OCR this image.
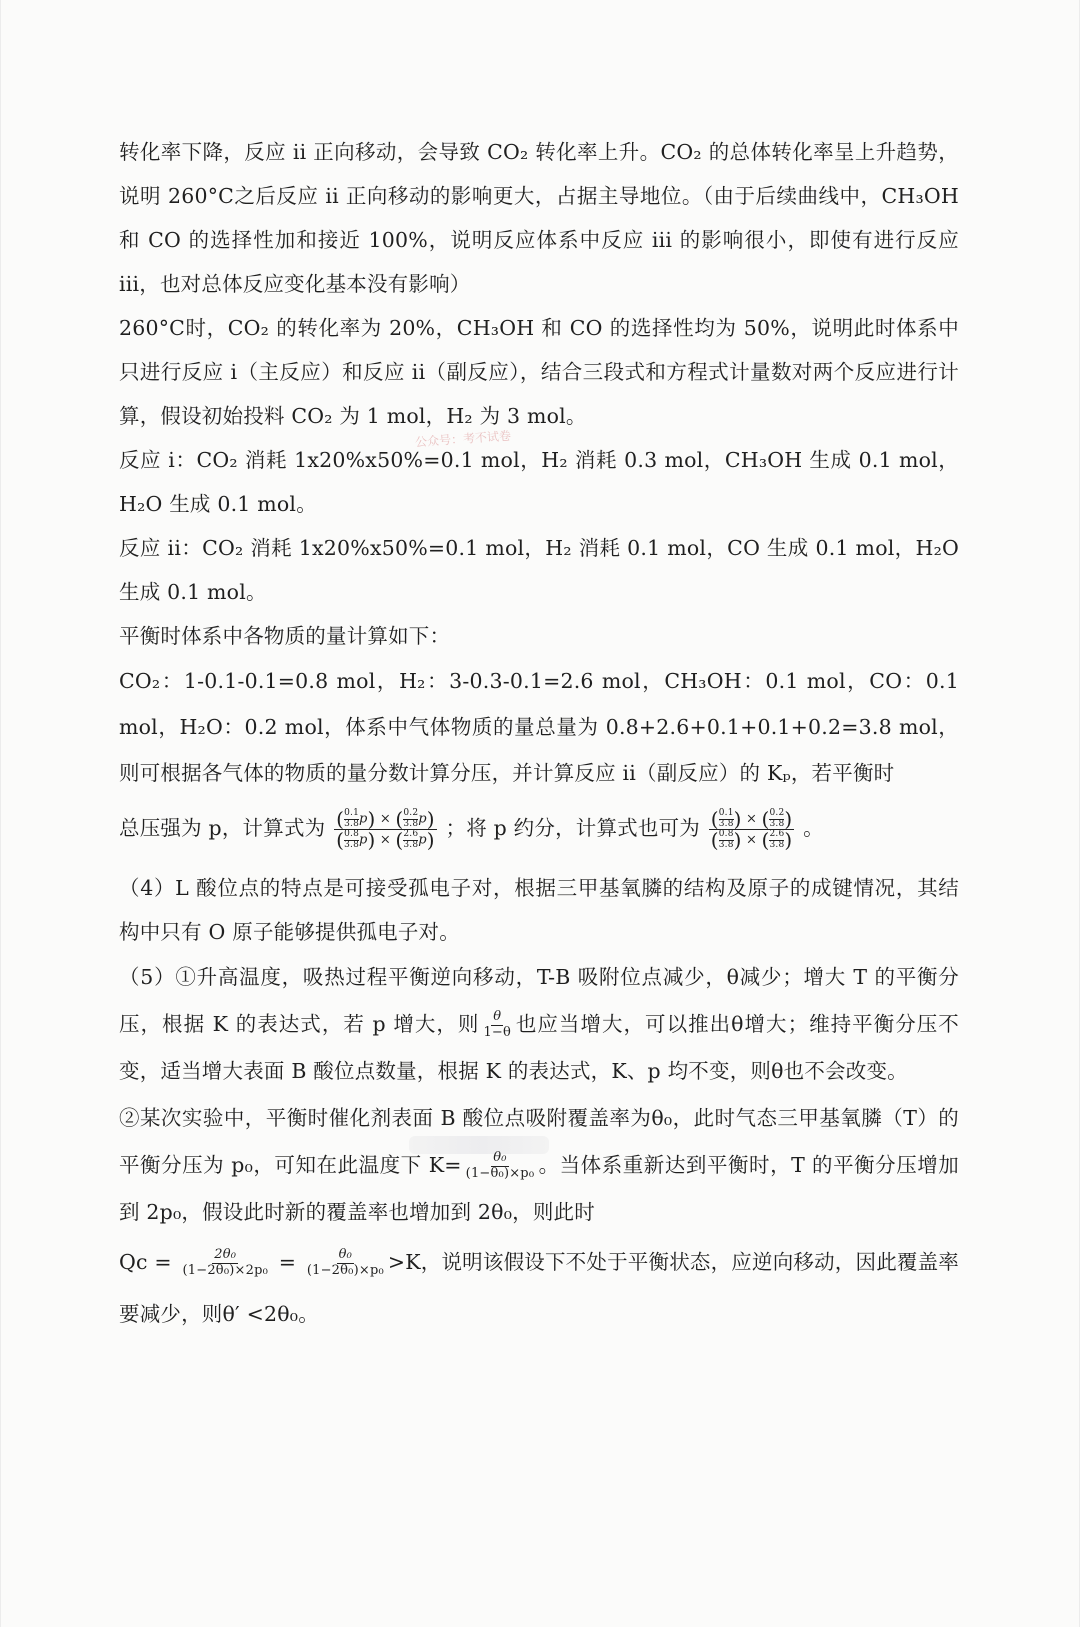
公众号：考不试卷

转化率下降，反应 ii 正向移动，会导致 CO₂ 转化率上升。CO₂ 的总体转化率呈上升趋势，说明 260°C之后反应 ii 正向移动的影响更大，占据主导地位。（由于后续曲线中，CH₃OH 和 CO 的选择性加和接近 100%，说明反应体系中反应 iii 的影响很小，即使有进行反应 iii，也对总体反应变化基本没有影响）

260°C时，CO₂ 的转化率为 20%，CH₃OH 和 CO 的选择性均为 50%，说明此时体系中只进行反应 i（主反应）和反应 ii（副反应），结合三段式和方程式计量数对两个反应进行计算，假设初始投料 CO₂ 为 1 mol，H₂ 为 3 mol。

反应 i：CO₂ 消耗 1x20%x50%=0.1 mol，H₂ 消耗 0.3 mol，CH₃OH 生成 0.1 mol，H₂O 生成 0.1 mol。

反应 ii：CO₂ 消耗 1x20%x50%=0.1 mol，H₂ 消耗 0.1 mol，CO 生成 0.1 mol，H₂O 生成 0.1 mol。

平衡时体系中各物质的量计算如下：

CO₂：1-0.1-0.1=0.8 mol，H₂：3-0.3-0.1=2.6 mol，CH₃OH：0.1 mol，CO：0.1 mol，H₂O：0.2 mol，体系中气体物质的量总量为 0.8+2.6+0.1+0.1+0.2=3.8 mol，则可根据各气体的物质的量分数计算分压，并计算反应 ii（副反应）的 Kₚ，若平衡时

总压强为 p，计算式为 $\frac{( \frac{0.1}{3.8} p) \times ( \frac{0.2}{3.8} p)}{( \frac{0.8}{3.8} p) \times ( \frac{2.6}{3.8} p)}$ ；将 p 约分，计算式也可为 $\frac{( \frac{0.1}{3.8} ) \times ( \frac{0.2}{3.8} )}{( \frac{0.8}{3.8} ) \times ( \frac{2.6}{3.8} )}$ 。

（4）L 酸位点的特点是可接受孤电子对，根据三甲基氧膦的结构及原子的成键情况，其结构中只有 O 原子能够提供孤电子对。

（5）①升高温度，吸热过程平衡逆向移动，T-B 吸附位点减少，θ减少；增大 T 的平衡分压，根据 K 的表达式，若 p 增大，则 $\frac{\theta}{1-\theta}$ 也应当增大，可以推出θ增大；维持平衡分压不变，适当增大表面 B 酸位点数量，根据 K 的表达式，K、p 均不变，则θ也不会改变。

②某次实验中，平衡时催化剂表面 B 酸位点吸附覆盖率为θ₀，此时气态三甲基氧膦（T）的平衡分压为 p₀，可知在此温度下 $K= \frac{\text{θ₀}}{\text{(1−θ₀)×p₀}}$ 。当体系重新达到平衡时，T 的平衡分压增加到 2p₀，假设此时新的覆盖率也增加到 2θ₀，则此时

$Qc = \frac{\text{2θ₀}}{\text{(1−2θ₀)×2p₀}} = \frac{\text{θ₀}}{\text{(1−2θ₀)×p₀}} >K$，说明该假设下不处于平衡状态，应逆向移动，因此覆盖率要减少，则θ′ <2θ₀。
